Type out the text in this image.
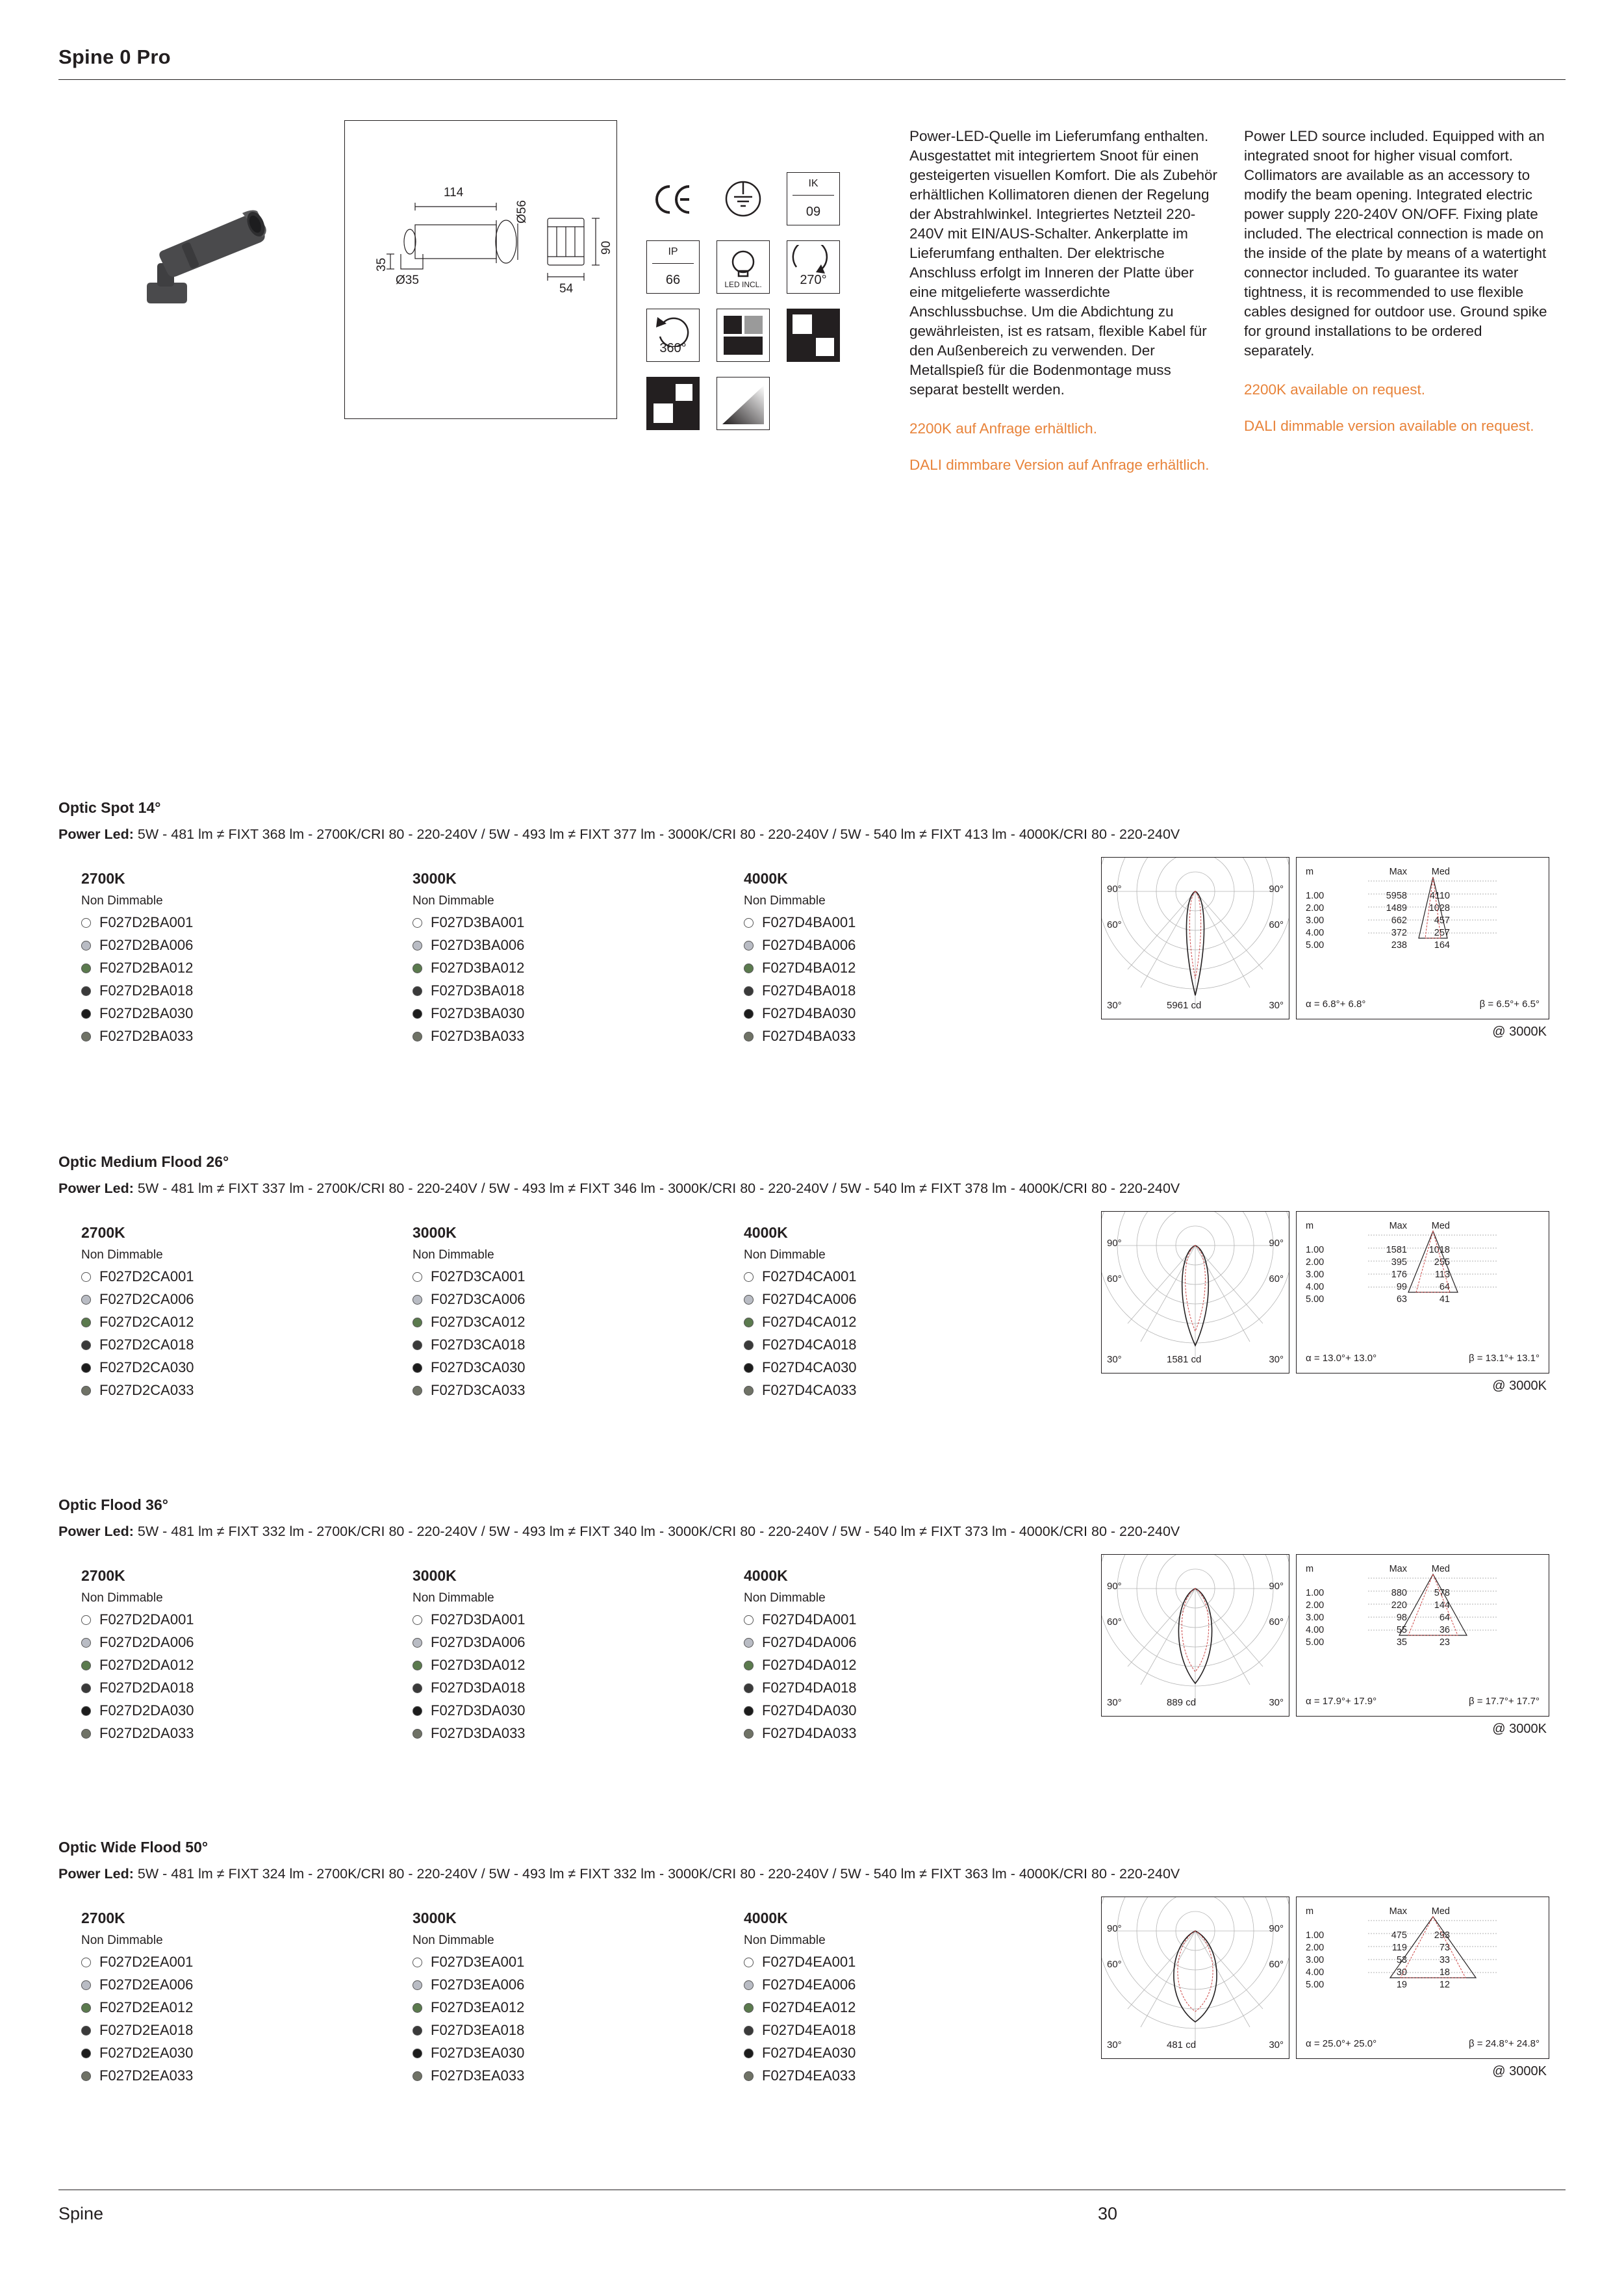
Spine 0 Pro
114
Ø56
35
Ø35
90
54
IK
09
IP
66	LED INCL.	270°
360°
Power-LED-Quelle im Lieferumfang enthalten. Ausgestattet mit integriertem Snoot für einen gesteigerten visuellen Komfort. Die als Zubehör erhältlichen Kollimatoren dienen der Regelung der Abstrahlwinkel. Integriertes Netzteil 220-240V mit EIN/AUS-Schalter. Ankerplatte im Lieferumfang enthalten. Der elektrische Anschluss erfolgt im Inneren der Platte über eine mitgelieferte wasserdichte Anschlussbuchse. Um die Abdichtung zu gewährleisten, ist es ratsam, flexible Kabel für den Außenbereich zu verwenden. Der Metallspieß für die Bodenmontage muss separat bestellt werden.
2200K auf Anfrage erhältlich.
DALI dimmbare Version auf Anfrage erhältlich.
Power LED source included. Equipped with an integrated snoot for higher visual comfort. Collimators are available as an accessory to modify the beam opening. Integrated electric power supply 220-240V ON/OFF. Fixing plate included. The electrical connection is made on the inside of the plate by means of a watertight connector included. To guarantee its water tightness, it is recommended to use flexible cables designed for outdoor use. Ground spike for ground installations to be ordered separately.
2200K available on request.
DALI dimmable version available on request.
Optic Spot 14°
Power Led: 5W - 481 lm ≠ FIXT 368 lm - 2700K/CRI 80 - 220-240V / 5W - 493 lm ≠ FIXT 377 lm - 3000K/CRI 80 - 220-240V / 5W - 540 lm ≠ FIXT 413 lm - 4000K/CRI 80 - 220-240V
2700K
Non Dimmable
F027D2BA001
F027D2BA006
F027D2BA012
F027D2BA018
F027D2BA030
F027D2BA033
3000K
Non Dimmable
F027D3BA001
F027D3BA006
F027D3BA012
F027D3BA018
F027D3BA030
F027D3BA033
4000K
Non Dimmable
F027D4BA001
F027D4BA006
F027D4BA012
F027D4BA018
F027D4BA030
F027D4BA033
90°	90°
60°	60°
30°	30°
5961 cd
m	Max	Med

1.00	5958	4110
2.00	1489	1028
3.00	662	457
4.00	372	257
5.00	238	164
α = 6.8°+ 6.8°	β = 6.5°+ 6.5°
@ 3000K
Optic Medium Flood 26°
Power Led: 5W - 481 lm ≠ FIXT 337 lm - 2700K/CRI 80 - 220-240V / 5W - 493 lm ≠ FIXT 346 lm - 3000K/CRI 80 - 220-240V / 5W - 540 lm ≠ FIXT 378 lm - 4000K/CRI 80 - 220-240V
2700K
Non Dimmable
F027D2CA001
F027D2CA006
F027D2CA012
F027D2CA018
F027D2CA030
F027D2CA033
3000K
Non Dimmable
F027D3CA001
F027D3CA006
F027D3CA012
F027D3CA018
F027D3CA030
F027D3CA033
4000K
Non Dimmable
F027D4CA001
F027D4CA006
F027D4CA012
F027D4CA018
F027D4CA030
F027D4CA033
90°	90°
60°	60°
30°	30°
1581 cd
m	Max	Med

1.00	1581	1018
2.00	395	255
3.00	176	113
4.00	99	64
5.00	63	41
α = 13.0°+ 13.0°	β = 13.1°+ 13.1°
@ 3000K
Optic Flood 36°
Power Led: 5W - 481 lm ≠ FIXT 332 lm - 2700K/CRI 80 - 220-240V / 5W - 493 lm ≠ FIXT 340 lm - 3000K/CRI 80 - 220-240V / 5W - 540 lm ≠ FIXT 373 lm - 4000K/CRI 80 - 220-240V
2700K
Non Dimmable
F027D2DA001
F027D2DA006
F027D2DA012
F027D2DA018
F027D2DA030
F027D2DA033
3000K
Non Dimmable
F027D3DA001
F027D3DA006
F027D3DA012
F027D3DA018
F027D3DA030
F027D3DA033
4000K
Non Dimmable
F027D4DA001
F027D4DA006
F027D4DA012
F027D4DA018
F027D4DA030
F027D4DA033
90°	90°
60°	60°
30°	30°
889 cd
m	Max	Med

1.00	880	578
2.00	220	144
3.00	98	64
4.00	55	36
5.00	35	23
α = 17.9°+ 17.9°	β = 17.7°+ 17.7°
@ 3000K
Optic Wide Flood 50°
Power Led: 5W - 481 lm ≠ FIXT 324 lm - 2700K/CRI 80 - 220-240V / 5W - 493 lm ≠ FIXT 332 lm - 3000K/CRI 80 - 220-240V / 5W - 540 lm ≠ FIXT 363 lm - 4000K/CRI 80 - 220-240V
2700K
Non Dimmable
F027D2EA001
F027D2EA006
F027D2EA012
F027D2EA018
F027D2EA030
F027D2EA033
3000K
Non Dimmable
F027D3EA001
F027D3EA006
F027D3EA012
F027D3EA018
F027D3EA030
F027D3EA033
4000K
Non Dimmable
F027D4EA001
F027D4EA006
F027D4EA012
F027D4EA018
F027D4EA030
F027D4EA033
90°	90°
60°	60°
30°	30°
481 cd
m	Max	Med

1.00	475	293
2.00	119	73
3.00	53	33
4.00	30	18
5.00	19	12
α = 25.0°+ 25.0°	β = 24.8°+ 24.8°
@ 3000K
Spine	30
